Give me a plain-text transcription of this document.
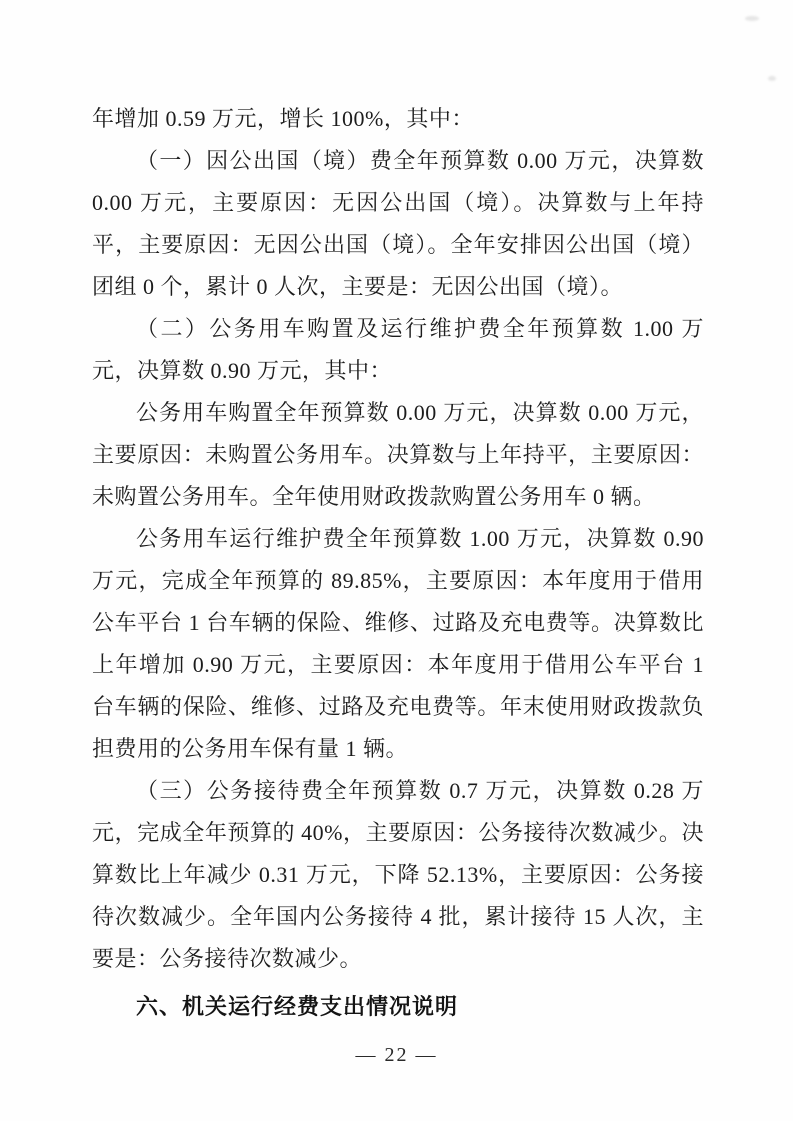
年增加 0.59 万元，增长 100%，其中：

（一）因公出国（境）费全年预算数 0.00 万元，决算数 0.00 万元，主要原因：无因公出国（境）。决算数与上年持平，主要原因：无因公出国（境）。全年安排因公出国（境）团组 0 个，累计 0 人次，主要是：无因公出国（境）。

（二）公务用车购置及运行维护费全年预算数 1.00 万元，决算数 0.90 万元，其中：

公务用车购置全年预算数 0.00 万元，决算数 0.00 万元，主要原因：未购置公务用车。决算数与上年持平，主要原因：未购置公务用车。全年使用财政拨款购置公务用车 0 辆。

公务用车运行维护费全年预算数 1.00 万元，决算数 0.90 万元，完成全年预算的 89.85%，主要原因：本年度用于借用公车平台 1 台车辆的保险、维修、过路及充电费等。决算数比上年增加 0.90 万元，主要原因：本年度用于借用公车平台 1 台车辆的保险、维修、过路及充电费等。年末使用财政拨款负担费用的公务用车保有量 1 辆。

（三）公务接待费全年预算数 0.7 万元，决算数 0.28 万元，完成全年预算的 40%，主要原因：公务接待次数减少。决算数比上年减少 0.31 万元，下降 52.13%，主要原因：公务接待次数减少。全年国内公务接待 4 批，累计接待 15 人次，主要是：公务接待次数减少。

六、机关运行经费支出情况说明
— 22 —
